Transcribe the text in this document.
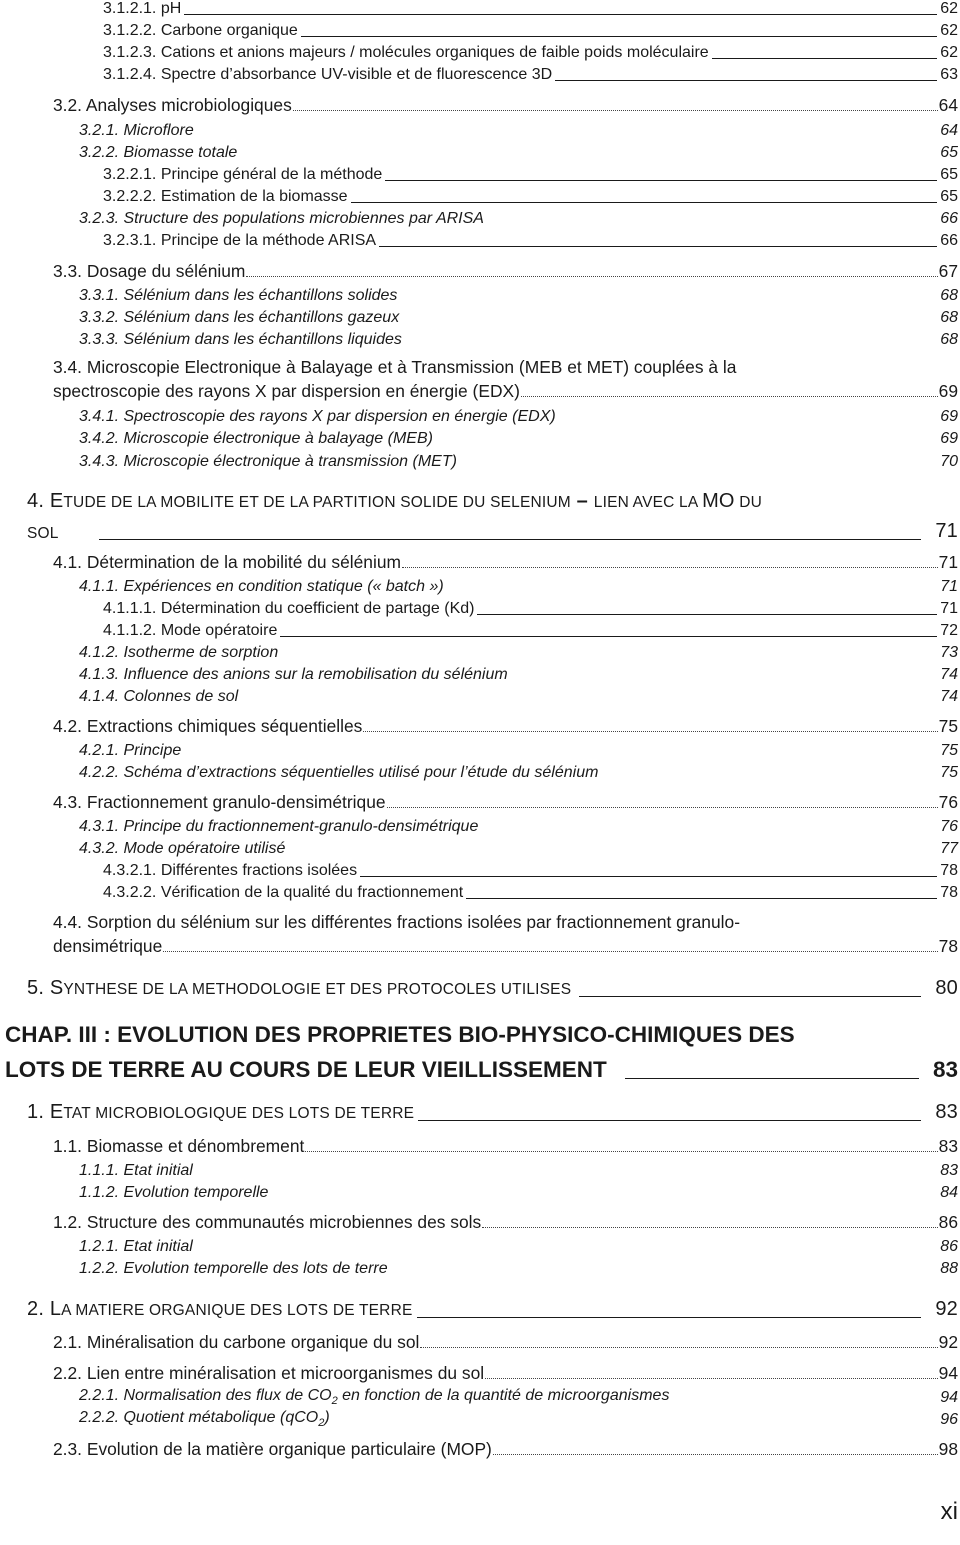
3.1.2.1. pH	62
3.1.2.2. Carbone organique	62
3.1.2.3. Cations et anions majeurs / molécules organiques de faible poids moléculaire	62
3.1.2.4. Spectre d’absorbance UV-visible et de fluorescence 3D	63
3.2. Analyses microbiologiques	64
3.2.1. Microflore	64
3.2.2. Biomasse totale	65
3.2.2.1. Principe général de la méthode	65
3.2.2.2. Estimation de la biomasse	65
3.2.3. Structure des populations microbiennes par ARISA	66
3.2.3.1. Principe de la méthode ARISA	66
3.3. Dosage du sélénium	67
3.3.1. Sélénium dans les échantillons solides	68
3.3.2. Sélénium dans les échantillons gazeux	68
3.3.3. Sélénium dans les échantillons liquides	68
3.4. Microscopie Electronique à Balayage et à Transmission (MEB et MET) couplées à la
spectroscopie des rayons X par dispersion en énergie (EDX)	69
3.4.1. Spectroscopie des rayons X par dispersion en énergie (EDX)	69
3.4.2. Microscopie électronique à balayage (MEB)	69
3.4.3. Microscopie électronique à transmission (MET)	70
4. ETUDE DE LA MOBILITE ET DE LA PARTITION SOLIDE DU SELENIUM – LIEN AVEC LA MO DU
SOL	71
4.1. Détermination de la mobilité du sélénium	71
4.1.1. Expériences en condition statique (« batch »)	71
4.1.1.1. Détermination du coefficient de partage (Kd)	71
4.1.1.2. Mode opératoire	72
4.1.2. Isotherme de sorption	73
4.1.3. Influence des anions sur la remobilisation du sélénium	74
4.1.4. Colonnes de sol	74
4.2. Extractions chimiques séquentielles	75
4.2.1. Principe	75
4.2.2. Schéma d’extractions séquentielles utilisé pour l’étude du sélénium	75
4.3. Fractionnement granulo-densimétrique	76
4.3.1. Principe du fractionnement-granulo-densimétrique	76
4.3.2. Mode opératoire utilisé	77
4.3.2.1. Différentes fractions isolées	78
4.3.2.2. Vérification de la qualité du fractionnement	78
4.4. Sorption du sélénium sur les différentes fractions isolées par fractionnement granulo-
densimétrique	78
5. SYNTHESE DE LA METHODOLOGIE ET DES PROTOCOLES UTILISES	80
CHAP. III : EVOLUTION DES PROPRIETES BIO-PHYSICO-CHIMIQUES DES
LOTS DE TERRE AU COURS DE LEUR VIEILLISSEMENT	83
1. ETAT MICROBIOLOGIQUE DES LOTS DE TERRE	83
1.1. Biomasse et dénombrement	83
1.1.1. Etat initial	83
1.1.2. Evolution temporelle	84
1.2. Structure des communautés microbiennes des sols	86
1.2.1. Etat initial	86
1.2.2. Evolution temporelle des lots de terre	88
2. LA MATIERE ORGANIQUE DES LOTS DE TERRE	92
2.1. Minéralisation du carbone organique du sol	92
2.2. Lien entre minéralisation et microorganismes du sol	94
2.2.1. Normalisation des flux de $CO_2$ en fonction de la quantité de microorganismes	94
2.2.2. Quotient métabolique (qCO$_2$)	96
2.3. Evolution de la matière organique particulaire (MOP)	98
xi
